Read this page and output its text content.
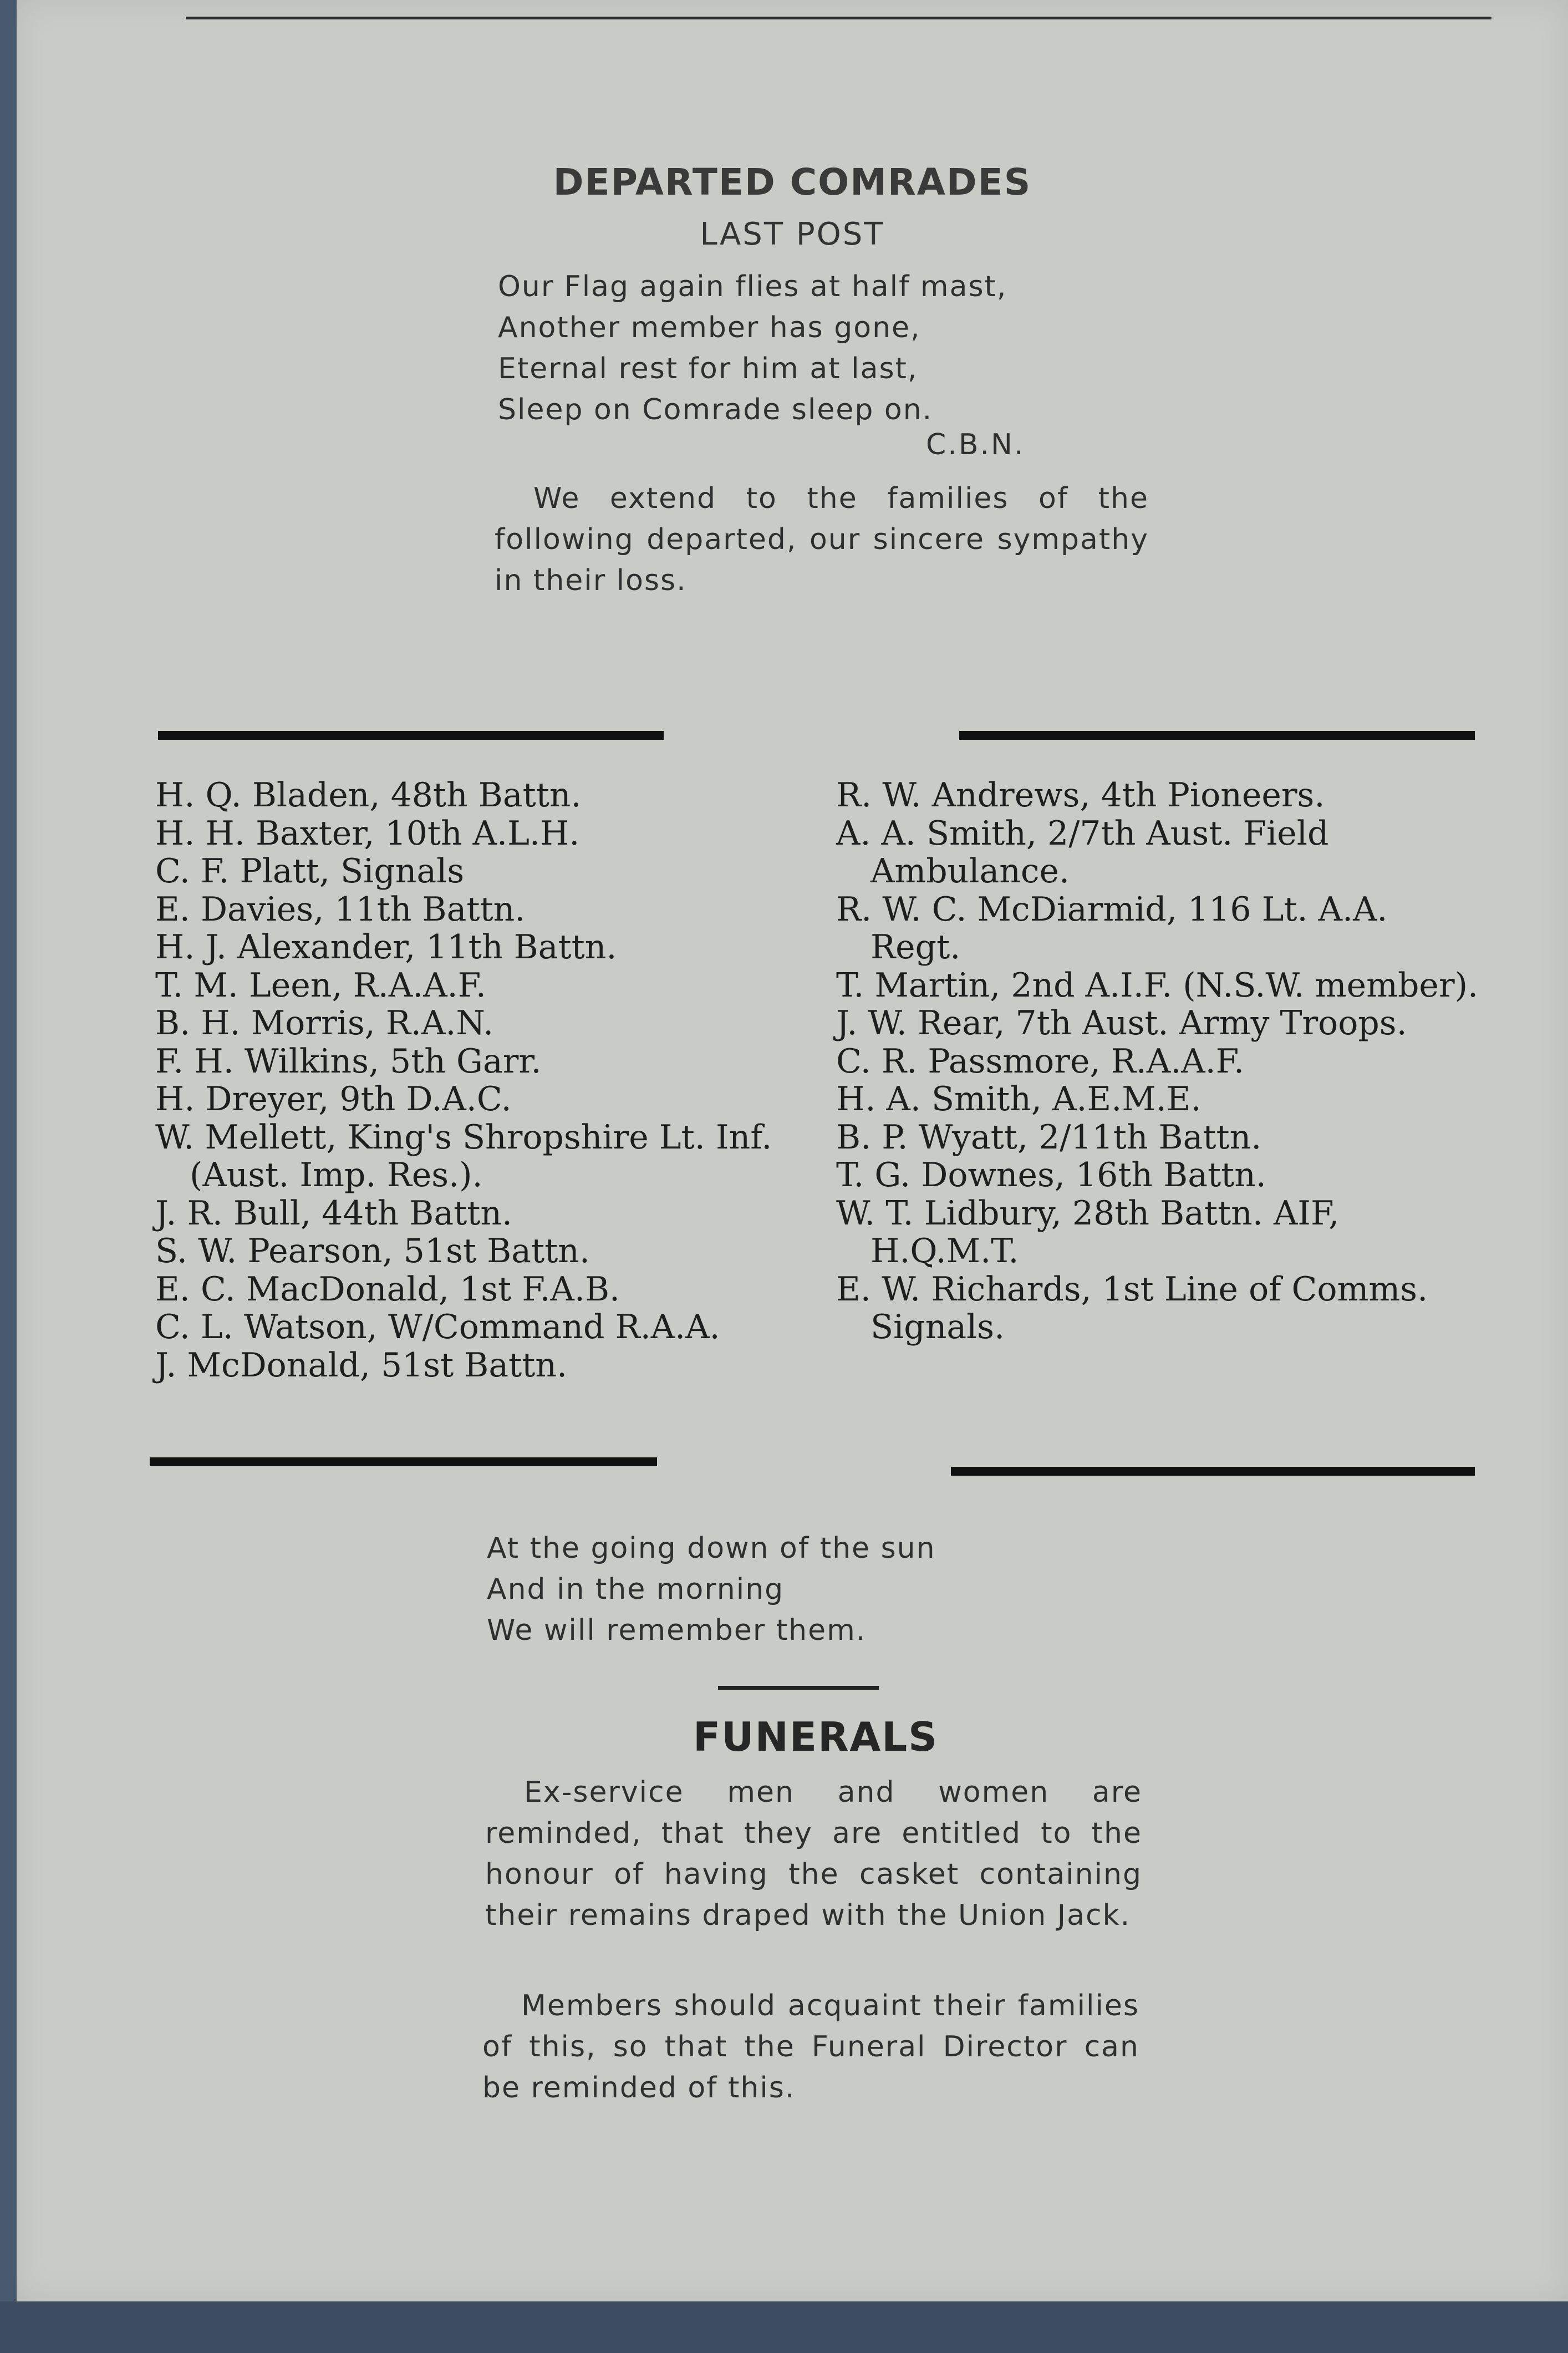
DEPARTED COMRADES
LAST POST
Our Flag again flies at half mast,
Another member has gone,
Eternal rest for him at last,
Sleep on Comrade sleep on.
C.B.N.
We extend to the families of the following departed, our sincere sympathy in their loss.
H. Q. Bladen, 48th Battn.
H. H. Baxter, 10th A.L.H.
C. F. Platt, Signals
E. Davies, 11th Battn.
H. J. Alexander, 11th Battn.
T. M. Leen, R.A.A.F.
B. H. Morris, R.A.N.
F. H. Wilkins, 5th Garr.
H. Dreyer, 9th D.A.C.
W. Mellett, King's Shropshire Lt. Inf. (Aust. Imp. Res.).
J. R. Bull, 44th Battn.
S. W. Pearson, 51st Battn.
E. C. MacDonald, 1st F.A.B.
C. L. Watson, W/Command R.A.A.
J. McDonald, 51st Battn.
R. W. Andrews, 4th Pioneers.
A. A. Smith, 2/7th Aust. Field Ambulance.
R. W. C. McDiarmid, 116 Lt. A.A. Regt.
T. Martin, 2nd A.I.F. (N.S.W. member).
J. W. Rear, 7th Aust. Army Troops.
C. R. Passmore, R.A.A.F.
H. A. Smith, A.E.M.E.
B. P. Wyatt, 2/11th Battn.
T. G. Downes, 16th Battn.
W. T. Lidbury, 28th Battn. AIF, H.Q.M.T.
E. W. Richards, 1st Line of Comms. Signals.
At the going down of the sun
And in the morning
We will remember them.
FUNERALS
Ex-service men and women are reminded, that they are entitled to the honour of having the casket containing their remains draped with the Union Jack.
Members should acquaint their families of this, so that the Funeral Director can be reminded of this.
